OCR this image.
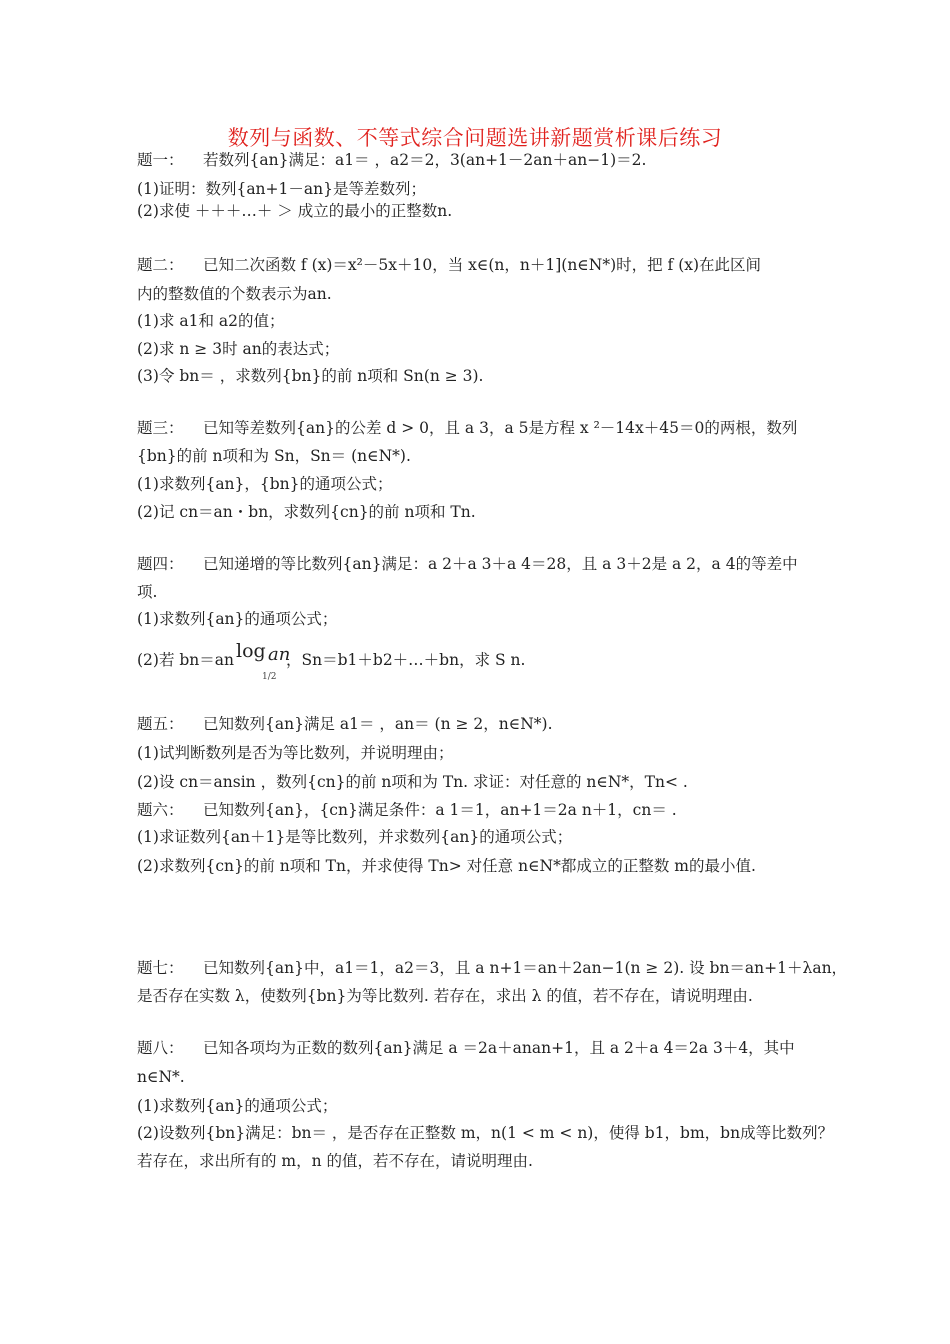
数列与函数、不等式综合问题选讲新题赏析课后练习
题一： 若数列{an}满足：a1＝ ，a2＝2，3(an+1－2an＋an−1)＝2.
(1)证明：数列{an+1－an}是等差数列；
(2)求使 ＋＋＋…＋ ＞ 成立的最小的正整数n.
题二： 已知二次函数 f (x)＝x²－5x＋10，当 x∈(n，n＋1](n∈N*)时，把 f (x)在此区间
内的整数值的个数表示为an.
(1)求 a1和 a2的值；
(2)求 n ≥ 3时 an的表达式；
(3)令 bn＝ ，求数列{bn}的前 n项和 Sn(n ≥ 3).
题三： 已知等差数列{an}的公差 d > 0，且 a 3，a 5是方程 x ²－14x＋45＝0的两根，数列
{bn}的前 n项和为 Sn，Sn＝ (n∈N*).
(1)求数列{an}，{bn}的通项公式；
(2)记 cn＝an・bn，求数列{cn}的前 n项和 Tn.
题四： 已知递增的等比数列{an}满足：a 2＋a 3＋a 4＝28，且 a 3＋2是 a 2，a 4的等差中
项.
(1)求数列{an}的通项公式；
(2)若 bn＝an log
1/2
an
，Sn＝b1＋b2＋…＋bn，求 S n.
题五： 已知数列{an}满足 a1＝ ，an＝ (n ≥ 2，n∈N*).
(1)试判断数列是否为等比数列，并说明理由；
(2)设 cn＝ansin ，数列{cn}的前 n项和为 Tn. 求证：对任意的 n∈N*，Tn< .
题六： 已知数列{an}，{cn}满足条件：a 1＝1，an+1＝2a n＋1，cn＝ .
(1)求证数列{an＋1}是等比数列，并求数列{an}的通项公式；
(2)求数列{cn}的前 n项和 Tn，并求使得 Tn> 对任意 n∈N*都成立的正整数 m的最小值.
题七： 已知数列{an}中，a1＝1，a2＝3，且 a n+1＝an＋2an−1(n ≥ 2). 设 bn＝an+1＋λan，
是否存在实数 λ，使数列{bn}为等比数列. 若存在，求出 λ 的值，若不存在，请说明理由.
题八： 已知各项均为正数的数列{an}满足 a ＝2a＋anan+1，且 a 2＋a 4＝2a 3＋4，其中
n∈N*.
(1)求数列{an}的通项公式；
(2)设数列{bn}满足：bn＝ ，是否存在正整数 m，n(1 < m < n)，使得 b1，bm，bn成等比数列？
若存在，求出所有的 m，n 的值，若不存在，请说明理由.
